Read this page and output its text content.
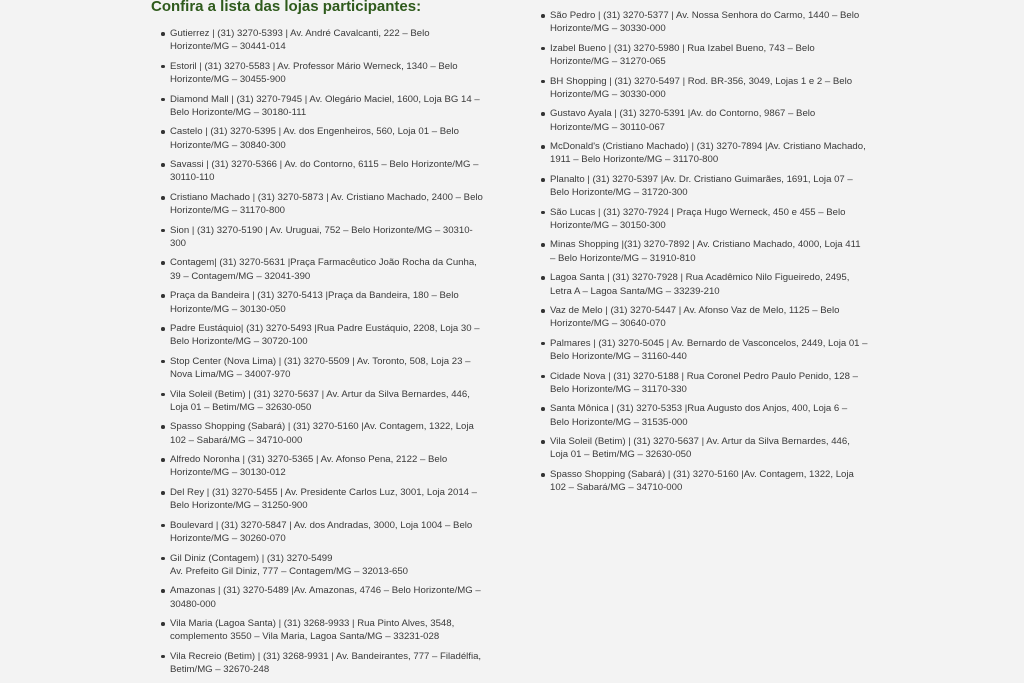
Confira a lista das lojas participantes:
Gutierrez | (31) 3270-5393 | Av. André Cavalcanti, 222 – Belo Horizonte/MG – 30441-014
Estoril | (31) 3270-5583 | Av. Professor Mário Werneck, 1340 – Belo Horizonte/MG – 30455-900
Diamond Mall | (31) 3270-7945 | Av. Olegário Maciel, 1600, Loja BG 14 – Belo Horizonte/MG – 30180-111
Castelo | (31) 3270-5395 | Av. dos Engenheiros, 560, Loja 01 – Belo Horizonte/MG – 30840-300
Savassi | (31) 3270-5366 | Av. do Contorno, 6115 – Belo Horizonte/MG – 30110-110
Cristiano Machado | (31) 3270-5873 | Av. Cristiano Machado, 2400 – Belo Horizonte/MG – 31170-800
Sion | (31) 3270-5190 | Av. Uruguai, 752 – Belo Horizonte/MG – 30310-300
Contagem| (31) 3270-5631 |Praça Farmacêutico João Rocha da Cunha, 39 – Contagem/MG – 32041-390
Praça da Bandeira | (31) 3270-5413 |Praça da Bandeira, 180 – Belo Horizonte/MG – 30130-050
Padre Eustáquio| (31) 3270-5493 |Rua Padre Eustáquio, 2208, Loja 30 – Belo Horizonte/MG – 30720-100
Stop Center (Nova Lima) | (31) 3270-5509 | Av. Toronto, 508, Loja 23 – Nova Lima/MG – 34007-970
Vila Soleil (Betim) | (31) 3270-5637 | Av. Artur da Silva Bernardes, 446, Loja 01 – Betim/MG – 32630-050
Spasso Shopping (Sabará) | (31) 3270-5160 |Av. Contagem, 1322, Loja 102 – Sabará/MG – 34710-000
Alfredo Noronha | (31) 3270-5365 | Av. Afonso Pena, 2122 – Belo Horizonte/MG – 30130-012
Del Rey | (31) 3270-5455 | Av. Presidente Carlos Luz, 3001, Loja 2014 – Belo Horizonte/MG – 31250-900
Boulevard | (31) 3270-5847 | Av. dos Andradas, 3000, Loja 1004 – Belo Horizonte/MG – 30260-070
Gil Diniz (Contagem) | (31) 3270-5499
Av. Prefeito Gil Diniz, 777 – Contagem/MG – 32013-650
Amazonas | (31) 3270-5489 |Av. Amazonas, 4746 – Belo Horizonte/MG – 30480-000
Vila Maria (Lagoa Santa) | (31) 3268-9933 | Rua Pinto Alves, 3548, complemento 3550 – Vila Maria, Lagoa Santa/MG – 33231-028
Vila Recreio (Betim) | (31) 3268-9931 | Av. Bandeirantes, 777 – Filadélfia, Betim/MG – 32670-248
São Pedro | (31) 3270-5377 | Av. Nossa Senhora do Carmo, 1440 – Belo Horizonte/MG – 30330-000
Izabel Bueno | (31) 3270-5980 | Rua Izabel Bueno, 743 – Belo Horizonte/MG – 31270-065
BH Shopping | (31) 3270-5497 | Rod. BR-356, 3049, Lojas 1 e 2 – Belo Horizonte/MG – 30330-000
Gustavo Ayala | (31) 3270-5391 |Av. do Contorno, 9867 – Belo Horizonte/MG – 30110-067
McDonald's (Cristiano Machado) | (31) 3270-7894 |Av. Cristiano Machado, 1911 – Belo Horizonte/MG – 31170-800
Planalto | (31) 3270-5397 |Av. Dr. Cristiano Guimarães, 1691, Loja 07 – Belo Horizonte/MG – 31720-300
São Lucas | (31) 3270-7924 | Praça Hugo Werneck, 450 e 455 – Belo Horizonte/MG – 30150-300
Minas Shopping |(31) 3270-7892 | Av. Cristiano Machado, 4000, Loja 411 – Belo Horizonte/MG – 31910-810
Lagoa Santa | (31) 3270-7928 | Rua Acadêmico Nilo Figueiredo, 2495, Letra A – Lagoa Santa/MG – 33239-210
Vaz de Melo | (31) 3270-5447 | Av. Afonso Vaz de Melo, 1125 – Belo Horizonte/MG – 30640-070
Palmares | (31) 3270-5045 | Av. Bernardo de Vasconcelos, 2449, Loja 01 – Belo Horizonte/MG – 31160-440
Cidade Nova | (31) 3270-5188 | Rua Coronel Pedro Paulo Penido, 128 – Belo Horizonte/MG – 31170-330
Santa Mônica | (31) 3270-5353 |Rua Augusto dos Anjos, 400, Loja 6 – Belo Horizonte/MG – 31535-000
Vila Soleil (Betim) | (31) 3270-5637 | Av. Artur da Silva Bernardes, 446, Loja 01 – Betim/MG – 32630-050
Spasso Shopping (Sabará) | (31) 3270-5160 |Av. Contagem, 1322, Loja 102 – Sabará/MG – 34710-000
